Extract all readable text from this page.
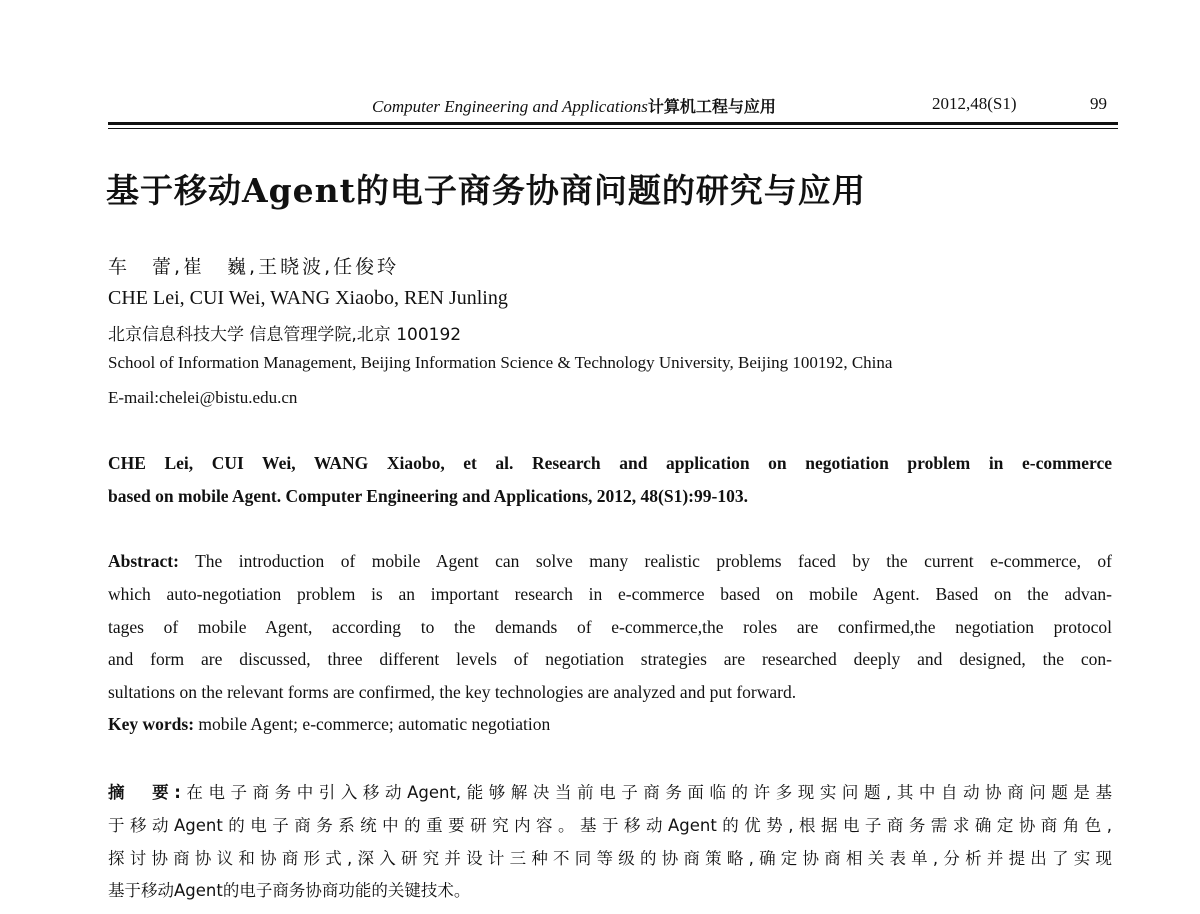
Computer Engineering and Applications计算机工程与应用	2012,48(S1)	99
基于移动Agent的电子商务协商问题的研究与应用
车　蕾,崔　巍,王晓波,任俊玲
CHE Lei, CUI Wei, WANG Xiaobo, REN Junling
北京信息科技大学 信息管理学院,北京 100192
School of Information Management, Beijing Information Science & Technology University, Beijing 100192, China
E-mail:chelei@bistu.edu.cn
CHE Lei, CUI Wei, WANG Xiaobo, et al. Research and application on negotiation problem in e-commerce
based on mobile Agent. Computer Engineering and Applications, 2012, 48(S1):99-103.
Abstract: The introduction of mobile Agent can solve many realistic problems faced by the current e-commerce, of
which auto-negotiation problem is an important research in e-commerce based on mobile Agent. Based on the advan-
tages of mobile Agent, according to the demands of e-commerce,the roles are confirmed,the negotiation protocol
and form are discussed, three different levels of negotiation strategies are researched deeply and designed, the con-
sultations on the relevant forms are confirmed, the key technologies are analyzed and put forward.
Key words: mobile Agent; e-commerce; automatic negotiation
摘　要:在电子商务中引入移动Agent,能够解决当前电子商务面临的许多现实问题,其中自动协商问题是基
于移动Agent的电子商务系统中的重要研究内容。基于移动Agent的优势,根据电子商务需求确定协商角色,
探讨协商协议和协商形式,深入研究并设计三种不同等级的协商策略,确定协商相关表单,分析并提出了实现
基于移动Agent的电子商务协商功能的关键技术。
